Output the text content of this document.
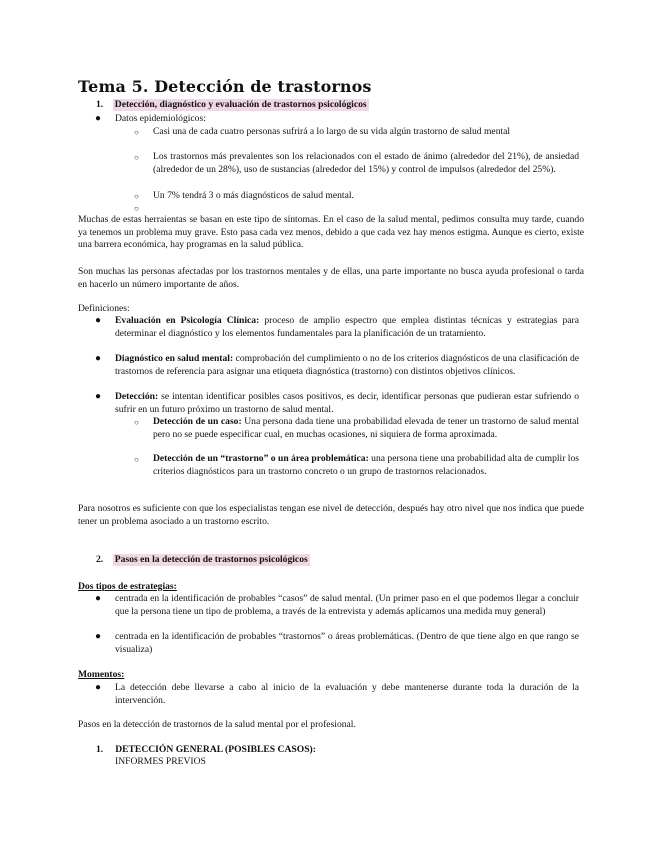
Tema 5. Detección de trastornos
1. Detección, diagnóstico y evaluación de trastornos psicológicos
● Datos epidemiológicos:
○ Casi una de cada cuatro personas sufrirá a lo largo de su vida algún trastorno de salud mental
○ Los trastornos más prevalentes son los relacionados con el estado de ánimo (alrededor del 21%), de ansiedad (alrededor de un 28%), uso de sustancias (alrededor del 15%) y control de impulsos (alrededor del 25%).
○ Un 7% tendrá 3 o más diagnósticos de salud mental.
○
Muchas de estas herraientas se basan en este tipo de síntomas. En el caso de la salud mental, pedimos consulta muy tarde, cuando ya tenemos un problema muy grave. Esto pasa cada vez menos, debido a que cada vez hay menos estigma. Aunque es cierto, existe una barrera económica, hay programas en la salud pública.
Son muchas las personas afectadas por los trastornos mentales y de ellas, una parte importante no busca ayuda profesional o tarda en hacerlo un número importante de años.
Definiciones:
● Evaluación en Psicología Clínica: proceso de amplio espectro que emplea distintas técnicas y estrategias para determinar el diagnóstico y los elementos fundamentales para la planificación de un tratamiento.
● Diagnóstico en salud mental: comprobación del cumplimiento o no de los criterios diagnósticos de una clasificación de trastornos de referencia para asignar una etiqueta diagnóstica (trastorno) con distintos objetivos clínicos.
● Detección: se intentan identificar posibles casos positivos, es decir, identificar personas que pudieran estar sufriendo o sufrir en un futuro próximo un trastorno de salud mental.
○ Detección de un caso: Una persona dada tiene una probabilidad elevada de tener un trastorno de salud mental pero no se puede especificar cual, en muchas ocasiones, ni siquiera de forma aproximada.
○ Detección de un “trastorno” o un área problemática: una persona tiene una probabilidad alta de cumplir los criterios diagnósticos para un trastorno concreto o un grupo de trastornos relacionados.
Para nosotros es suficiente con que los especialistas tengan ese nivel de detección, después hay otro nivel que nos indica que puede tener un problema asociado a un trastorno escrito.
2. Pasos en la detección de trastornos psicológicos
Dos tipos de estrategias:
● centrada en la identificación de probables “casos” de salud mental. (Un primer paso en el que podemos llegar a concluir que la persona tiene un tipo de problema, a través de la entrevista y además aplicamos una medida muy general)
● centrada en la identificación de probables “trastornos” o áreas problemáticas. (Dentro de que tiene algo en que rango se visualiza)
Momentos:
● La detección debe llevarse a cabo al inicio de la evaluación y debe mantenerse durante toda la duración de la intervención.
Pasos en la detección de trastornos de la salud mental por el profesional.
1. DETECCIÓN GENERAL (POSIBLES CASOS):
INFORMES PREVIOS
